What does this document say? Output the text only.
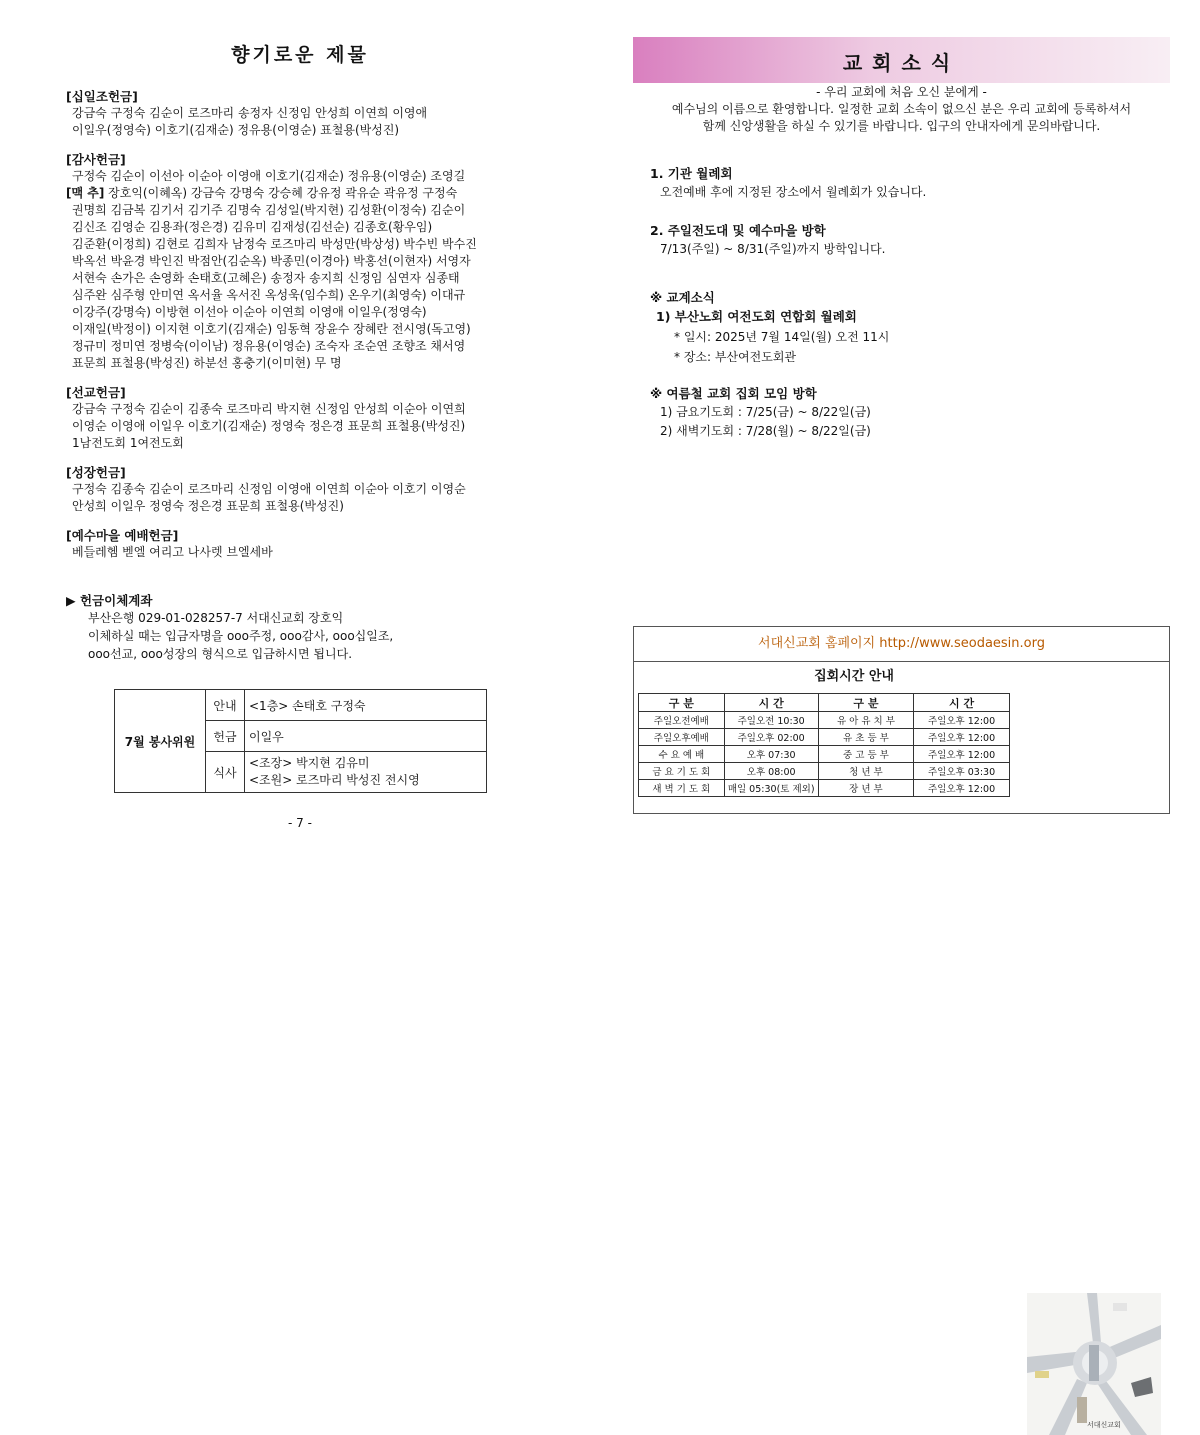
향기로운 제물
[십일조헌금]
강금숙 구정숙 김순이 로즈마리 송정자 신정임 안성희 이연희 이영애
이일우(정영숙) 이호기(김재순) 정유용(이영순) 표철용(박성진)
[감사헌금]
구정숙 김순이 이선아 이순아 이영애 이호기(김재순) 정유용(이영순) 조영길
[맥 추] 장호익(이혜옥) 강금숙 강명숙 강승혜 강유정 곽유순 곽유정 구정숙
권명희 김금복 김기서 김기주 김명숙 김성일(박지현) 김성환(이정숙) 김순이
김신조 김영순 김용좌(정은경) 김유미 김재성(김선순) 김종호(황우임)
김준환(이정희) 김현로 김희자 남정숙 로즈마리 박성만(박상성) 박수빈 박수진
박옥선 박윤경 박인진 박점안(김순옥) 박종민(이경아) 박홍선(이현자) 서영자
서현숙 손가은 손영화 손태호(고혜은) 송정자 송지희 신정임 심연자 심종태
심주완 심주형 안미연 옥서율 옥서진 옥성욱(임수희) 온우기(최영숙) 이대규
이강주(강명숙) 이방현 이선아 이순아 이연희 이영애 이일우(정영숙)
이재일(박정이) 이지현 이호기(김재순) 임동혁 장윤수 장혜란 전시영(독고영)
정규미 정미연 정병숙(이이남) 정유용(이영순) 조숙자 조순연 조향조 채서영
표문희 표철용(박성진) 하분선 홍충기(이미현) 무 명
[선교헌금]
강금숙 구정숙 김순이 김종숙 로즈마리 박지현 신정임 안성희 이순아 이연희
이영순 이영애 이일우 이호기(김재순) 정영숙 정은경 표문희 표철용(박성진)
1남전도회 1여전도회
[성장헌금]
구정숙 김종숙 김순이 로즈마리 신정임 이영애 이연희 이순아 이호기 이영순
안성희 이일우 정영숙 정은경 표문희 표철용(박성진)
[예수마을 예배헌금]
베들레헴 벧엘 여리고 나사렛 브엘세바
▶ 헌금이체계좌
부산은행 029-01-028257-7 서대신교회 장호익
이체하실 때는 입금자명을 ooo주정, ooo감사, ooo십일조,
ooo선교, ooo성장의 형식으로 입금하시면 됩니다.
7월 봉사위원	안내	<1층> 손태호 구정숙
	헌금	이일우
	식사	<조장> 박지현 김유미
<조원> 로즈마리 박성진 전시영
- 7 -
교회소식
- 우리 교회에 처음 오신 분에게 -
예수님의 이름으로 환영합니다. 일정한 교회 소속이 없으신 분은 우리 교회에 등록하셔서
함께 신앙생활을 하실 수 있기를 바랍니다. 입구의 안내자에게 문의바랍니다.
1. 기관 월례회
오전예배 후에 지정된 장소에서 월례회가 있습니다.
2. 주일전도대 및 예수마을 방학
7/13(주일) ~ 8/31(주일)까지 방학입니다.
※ 교계소식
1) 부산노회 여전도회 연합회 월례회
* 일시: 2025년 7월 14일(월) 오전 11시
* 장소: 부산여전도회관
※ 여름철 교회 집회 모임 방학
1) 금요기도회 : 7/25(금) ~ 8/22일(금)
2) 새벽기도회 : 7/28(월) ~ 8/22일(금)
서대신교회 홈페이지 http://www.seodaesin.org
집회시간 안내
구 분	시 간	구 분	시 간
주일오전예배	주일오전 10:30	유 아 유 치 부	주일오후 12:00
주일오후예배	주일오후 02:00	유 초 등 부	주일오후 12:00
수 요 예 배	오후 07:30	중 고 등 부	주일오후 12:00
금 요 기 도 회	오후 08:00	청 년 부	주일오후 03:30
새 벽 기 도 회	매일 05:30(토 제외)	장 년 부	주일오후 12:00
서대신교회
